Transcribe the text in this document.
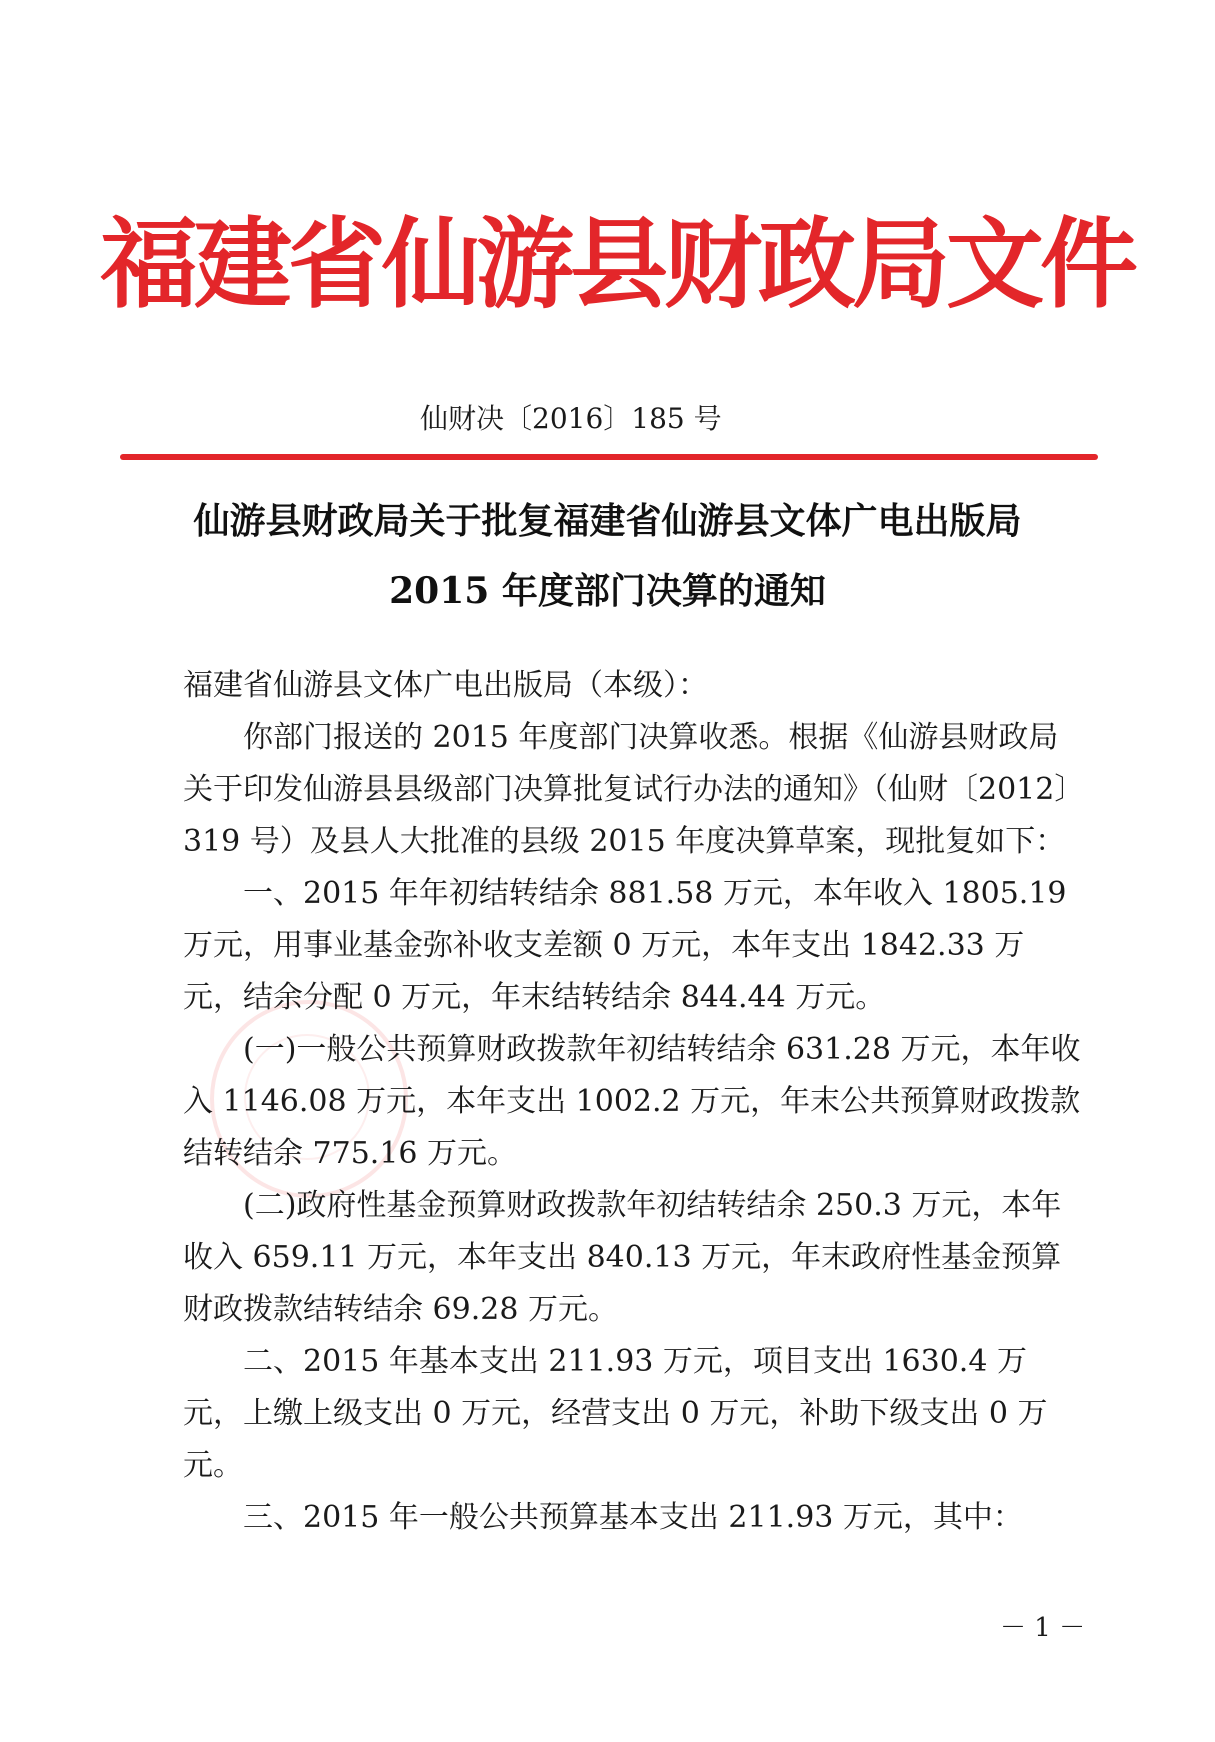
福建省仙游县财政局文件
仙财决〔2016〕185 号
仙游县财政局关于批复福建省仙游县文体广电出版局
2015 年度部门决算的通知

福建省仙游县文体广电出版局（本级）：

你部门报送的 2015 年度部门决算收悉。根据《仙游县财政局关于印发仙游县县级部门决算批复试行办法的通知》（仙财〔2012〕319 号）及县人大批准的县级 2015 年度决算草案，现批复如下：

一、2015 年年初结转结余 881.58 万元，本年收入 1805.19 万元，用事业基金弥补收支差额 0 万元，本年支出 1842.33 万元，结余分配 0 万元，年末结转结余 844.44 万元。

(一)一般公共预算财政拨款年初结转结余 631.28 万元，本年收入 1146.08 万元，本年支出 1002.2 万元，年末公共预算财政拨款结转结余 775.16 万元。

(二)政府性基金预算财政拨款年初结转结余 250.3 万元，本年收入 659.11 万元，本年支出 840.13 万元，年末政府性基金预算财政拨款结转结余 69.28 万元。

二、2015 年基本支出 211.93 万元，项目支出 1630.4 万元，上缴上级支出 0 万元，经营支出 0 万元，补助下级支出 0 万元。

三、2015 年一般公共预算基本支出 211.93 万元，其中：

－ 1 －
